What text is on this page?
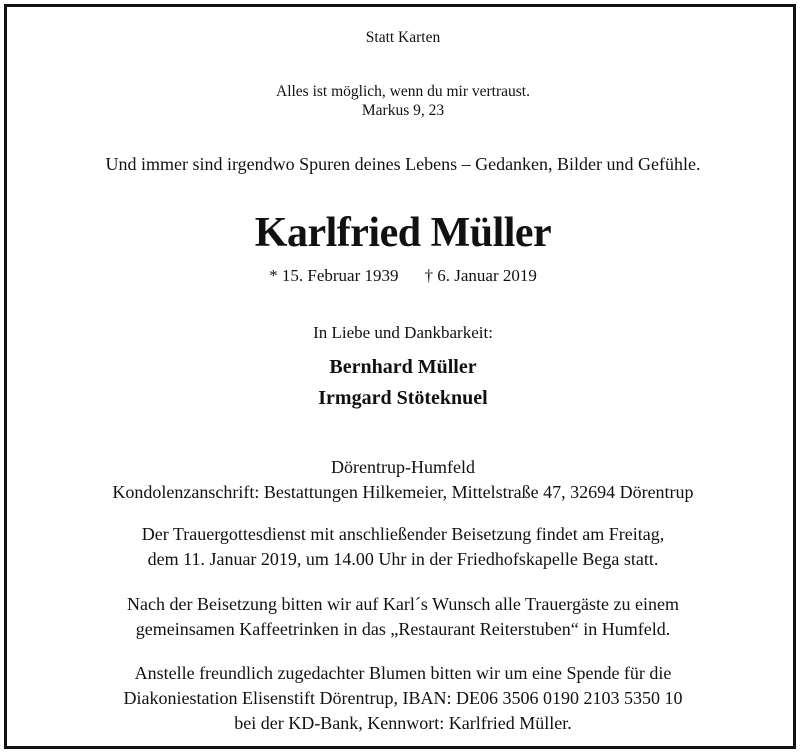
Statt Karten
Alles ist möglich, wenn du mir vertraust.
Markus 9, 23
Und immer sind irgendwo Spuren deines Lebens – Gedanken, Bilder und Gefühle.
Karlfried Müller
* 15. Februar 1939 † 6. Januar 2019
In Liebe und Dankbarkeit:
Bernhard Müller
Irmgard Stöteknuel
Dörentrup-Humfeld
Kondolenzanschrift: Bestattungen Hilkemeier, Mittelstraße 47, 32694 Dörentrup
Der Trauergottesdienst mit anschließender Beisetzung findet am Freitag,
dem 11. Januar 2019, um 14.00 Uhr in der Friedhofskapelle Bega statt.
Nach der Beisetzung bitten wir auf Karl´s Wunsch alle Trauergäste zu einem
gemeinsamen Kaffeetrinken in das „Restaurant Reiterstuben“ in Humfeld.
Anstelle freundlich zugedachter Blumen bitten wir um eine Spende für die
Diakoniestation Elisenstift Dörentrup, IBAN: DE06 3506 0190 2103 5350 10
bei der KD-Bank, Kennwort: Karlfried Müller.
